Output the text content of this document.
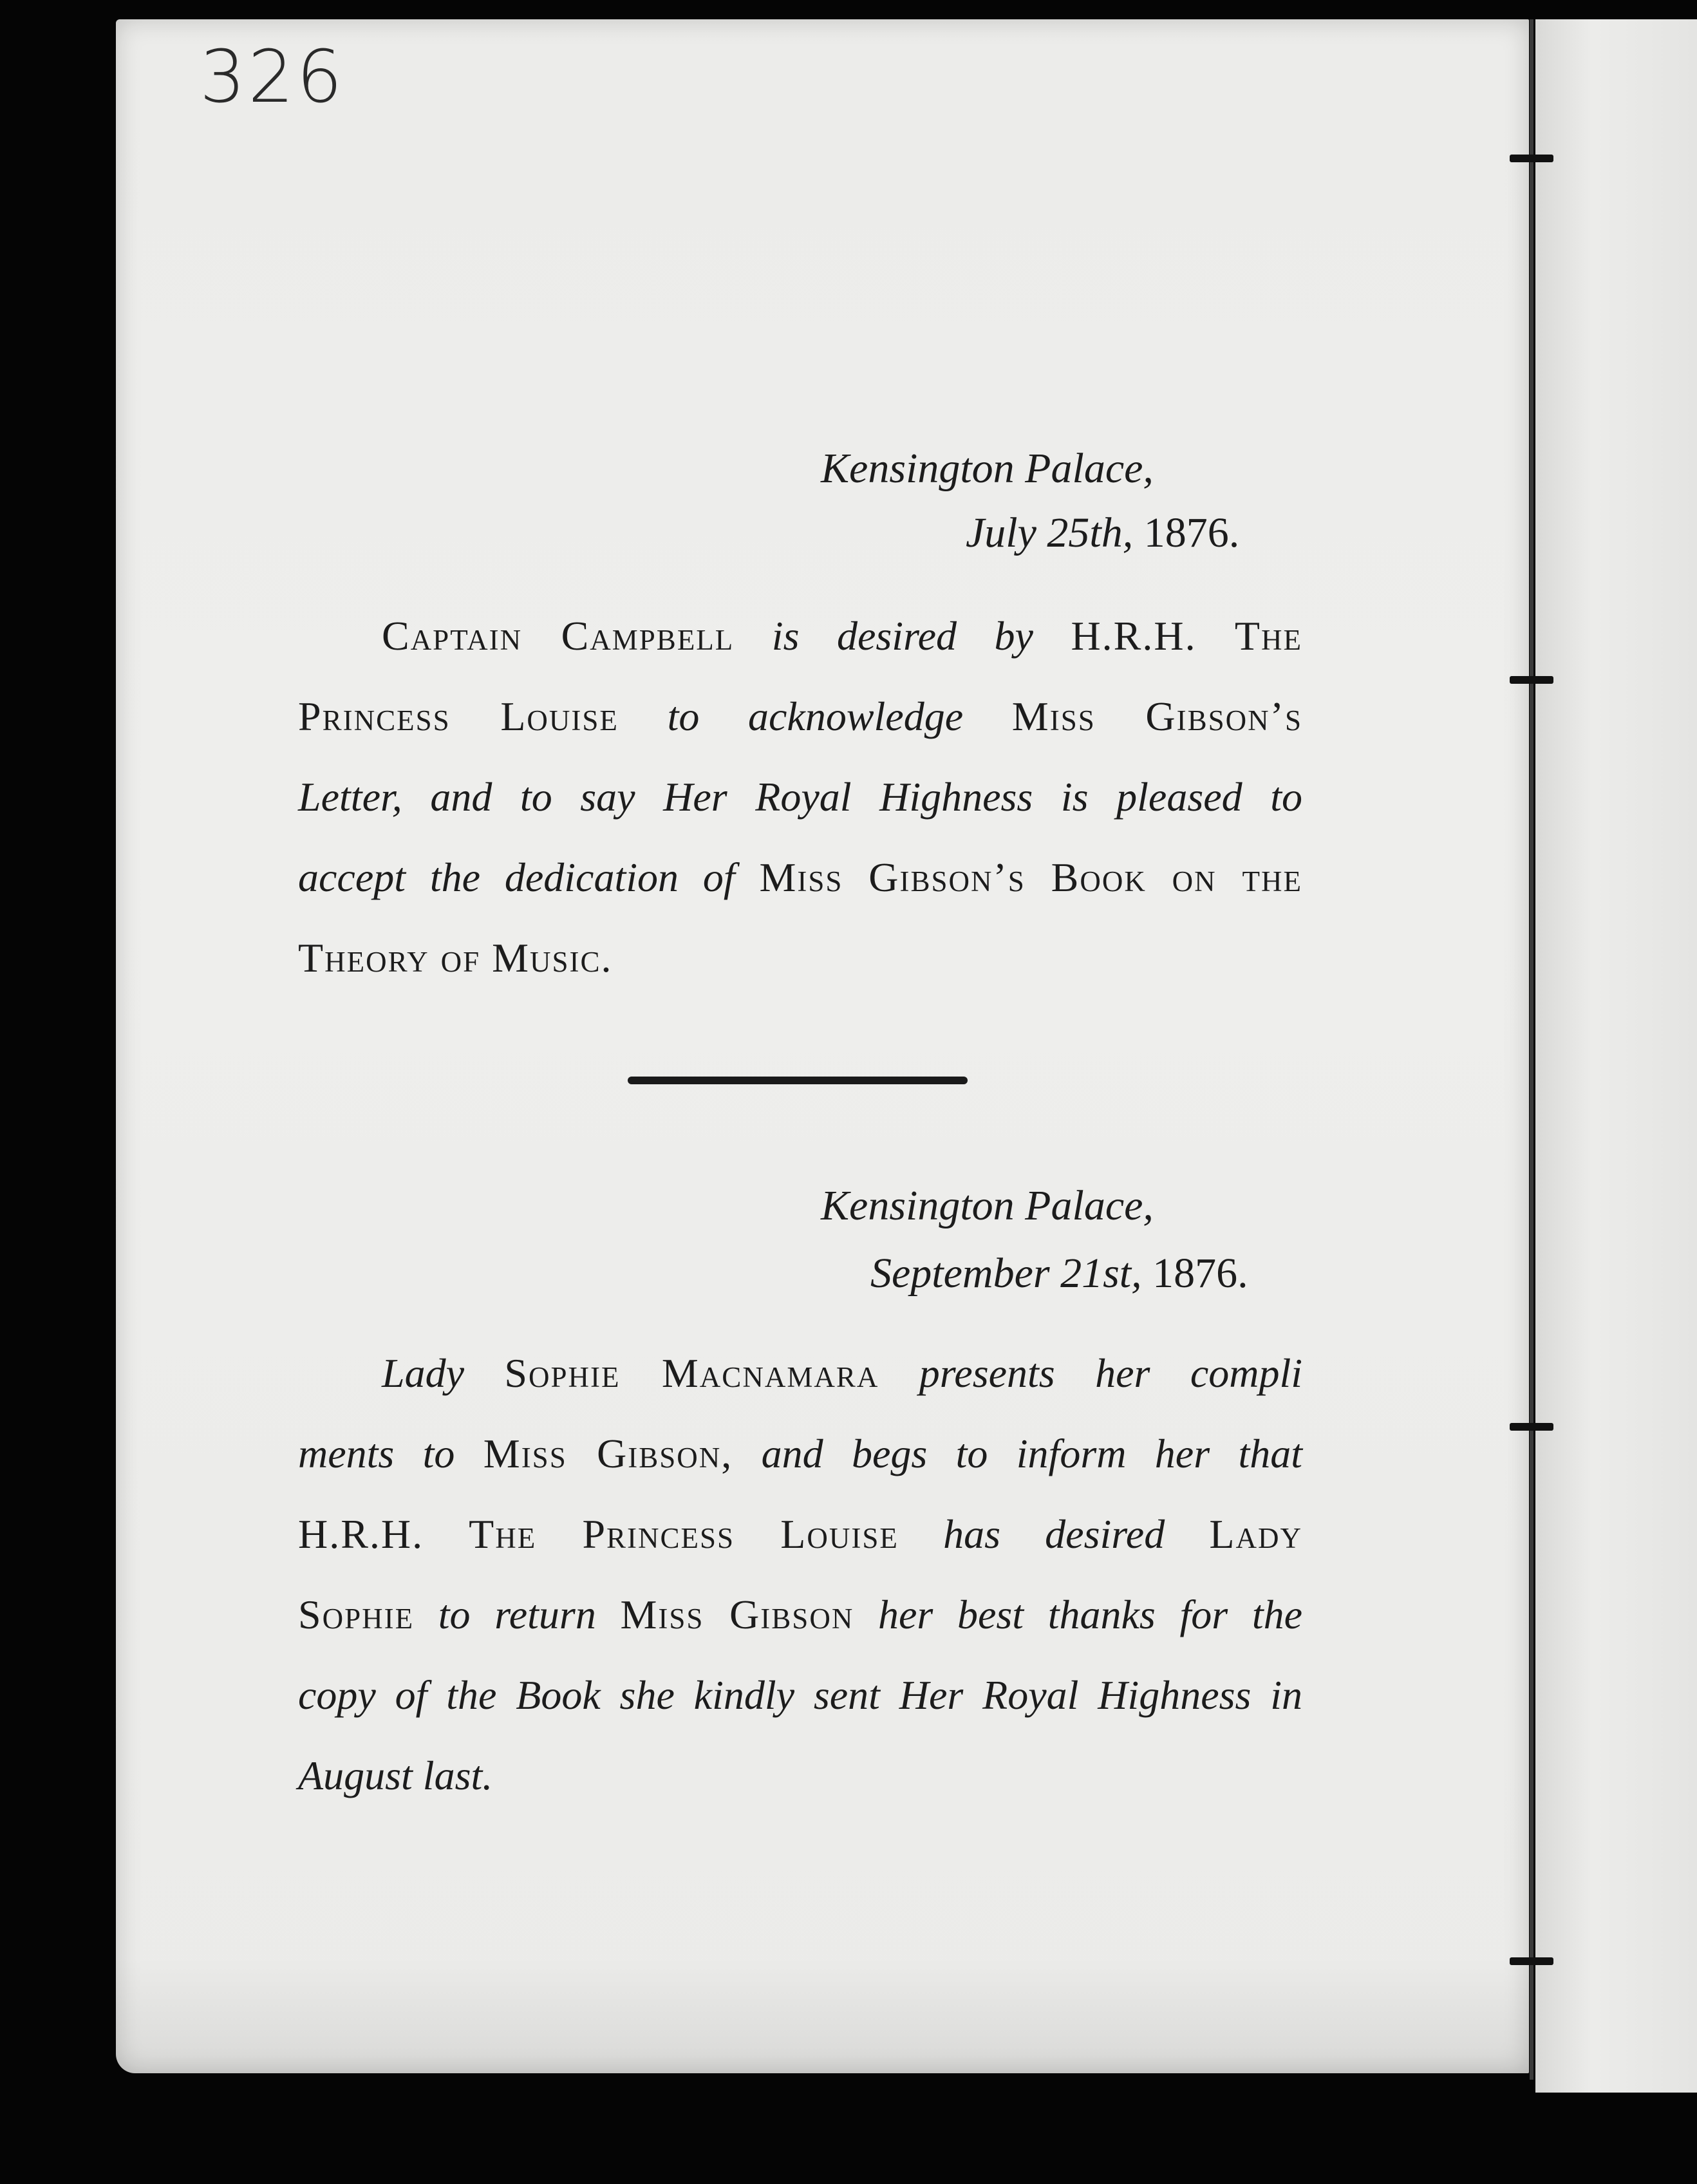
326
Kensington Palace,
July 25th, 1876.
Captain Campbell is desired by H.R.H. The
Princess Louise to acknowledge Miss Gibson’s
Letter, and to say Her Royal Highness is pleased to
accept the dedication of Miss Gibson’s Book on the
Theory of Music.
Kensington Palace,
September 21st, 1876.
Lady Sophie Macnamara presents her compli
ments to Miss Gibson, and begs to inform her that
H.R.H. The Princess Louise has desired Lady
Sophie to return Miss Gibson her best thanks for the
copy of the Book she kindly sent Her Royal Highness in
August last.
